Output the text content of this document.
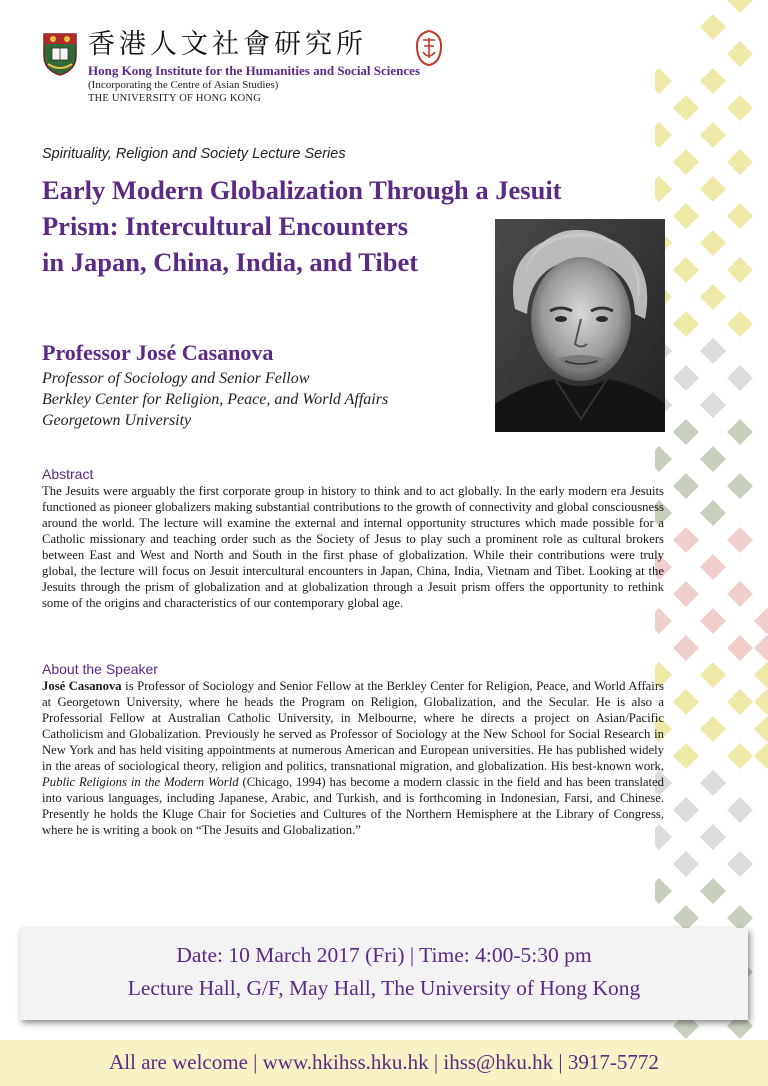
香港人文社會研究所
Hong Kong Institute for the Humanities and Social Sciences
(Incorporating the Centre of Asian Studies)
THE UNIVERSITY OF HONG KONG
Spirituality, Religion and Society Lecture Series
Early Modern Globalization Through a Jesuit
Prism: Intercultural Encounters
in Japan, China, India, and Tibet
Professor José Casanova
Professor of Sociology and Senior Fellow
Berkley Center for Religion, Peace, and World Affairs
Georgetown University
Abstract
The Jesuits were arguably the first corporate group in history to think and to act globally. In the early modern era Jesuits functioned as pioneer globalizers making substantial contributions to the growth of connectivity and global consciousness around the world. The lecture will examine the external and internal opportunity structures which made possible for a Catholic missionary and teaching order such as the Society of Jesus to play such a prominent role as cultural brokers between East and West and North and South in the first phase of globalization. While their contributions were truly global, the lecture will focus on Jesuit intercultural encounters in Japan, China, India, Vietnam and Tibet. Looking at the Jesuits through the prism of globalization and at globalization through a Jesuit prism offers the opportunity to rethink some of the origins and characteristics of our contemporary global age.
About the Speaker
José Casanova is Professor of Sociology and Senior Fellow at the Berkley Center for Religion, Peace, and World Affairs at Georgetown University, where he heads the Program on Religion, Globalization, and the Secular. He is also a Professorial Fellow at Australian Catholic University, in Melbourne, where he directs a project on Asian/Pacific Catholicism and Globalization. Previously he served as Professor of Sociology at the New School for Social Research in New York and has held visiting appointments at numerous American and European universities. He has published widely in the areas of sociological theory, religion and politics, transnational migration, and globalization. His best-known work, Public Religions in the Modern World (Chicago, 1994) has become a modern classic in the field and has been translated into various languages, including Japanese, Arabic, and Turkish, and is forthcoming in Indonesian, Farsi, and Chinese. Presently he holds the Kluge Chair for Societies and Cultures of the Northern Hemisphere at the Library of Congress, where he is writing a book on “The Jesuits and Globalization.”
Date: 10 March 2017 (Fri) | Time: 4:00-5:30 pm
Lecture Hall, G/F, May Hall, The University of Hong Kong
All are welcome | www.hkihss.hku.hk | ihss@hku.hk | 3917-5772
